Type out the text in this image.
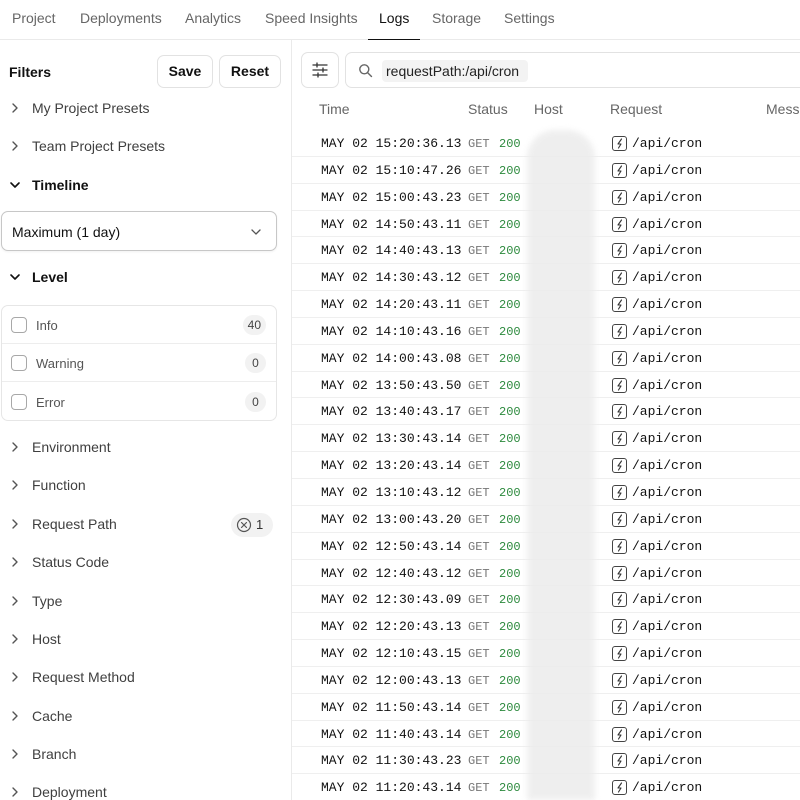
Project Deployments Analytics Speed Insights Logs Storage Settings
Filters	Save	Reset
My Project Presets
Team Project Presets
Timeline
Maximum (1 day)
Level
Info	40
Warning	0
Error	0
Environment
Function
Request Path	1
Status Code
Type
Host
Request Method
Cache
Branch
Deployment
requestPath:/api/cron
Time	Status Host	Request	Mess
MAY 02 15:20:36.13 GET 200	/api/cron
MAY 02 15:10:47.26 GET 200	/api/cron
MAY 02 15:00:43.23 GET 200	/api/cron
MAY 02 14:50:43.11 GET 200	/api/cron
MAY 02 14:40:43.13 GET 200	/api/cron
MAY 02 14:30:43.12 GET 200	/api/cron
MAY 02 14:20:43.11 GET 200	/api/cron
MAY 02 14:10:43.16 GET 200	/api/cron
MAY 02 14:00:43.08 GET 200	/api/cron
MAY 02 13:50:43.50 GET 200	/api/cron
MAY 02 13:40:43.17 GET 200	/api/cron
MAY 02 13:30:43.14 GET 200	/api/cron
MAY 02 13:20:43.14 GET 200	/api/cron
MAY 02 13:10:43.12 GET 200	/api/cron
MAY 02 13:00:43.20 GET 200	/api/cron
MAY 02 12:50:43.14 GET 200	/api/cron
MAY 02 12:40:43.12 GET 200	/api/cron
MAY 02 12:30:43.09 GET 200	/api/cron
MAY 02 12:20:43.13 GET 200	/api/cron
MAY 02 12:10:43.15 GET 200	/api/cron
MAY 02 12:00:43.13 GET 200	/api/cron
MAY 02 11:50:43.14 GET 200	/api/cron
MAY 02 11:40:43.14 GET 200	/api/cron
MAY 02 11:30:43.23 GET 200	/api/cron
MAY 02 11:20:43.14 GET 200	/api/cron
